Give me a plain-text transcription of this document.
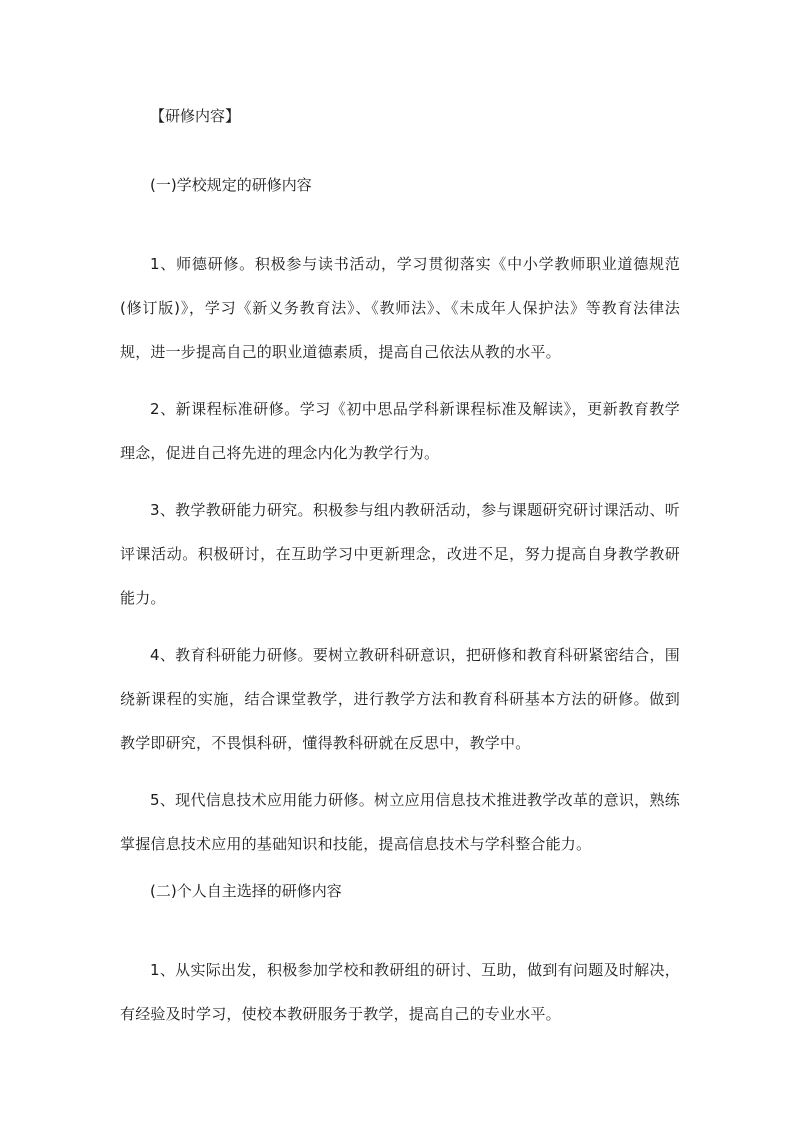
【研修内容】

(一)学校规定的研修内容

1、师德研修。积极参与读书活动，学习贯彻落实《中小学教师职业道德规范(修订版)》，学习《新义务教育法》、《教师法》、《未成年人保护法》等教育法律法规，进一步提高自己的职业道德素质，提高自己依法从教的水平。

2、新课程标准研修。学习《初中思品学科新课程标准及解读》，更新教育教学理念，促进自己将先进的理念内化为教学行为。

3、教学教研能力研究。积极参与组内教研活动，参与课题研究研讨课活动、听评课活动。积极研讨，在互助学习中更新理念，改进不足，努力提高自身教学教研能力。

4、教育科研能力研修。要树立教研科研意识，把研修和教育科研紧密结合，围绕新课程的实施，结合课堂教学，进行教学方法和教育科研基本方法的研修。做到教学即研究，不畏惧科研，懂得教科研就在反思中，教学中。

5、现代信息技术应用能力研修。树立应用信息技术推进教学改革的意识，熟练掌握信息技术应用的基础知识和技能，提高信息技术与学科整合能力。

(二)个人自主选择的研修内容

1、从实际出发，积极参加学校和教研组的研讨、互助，做到有问题及时解决，有经验及时学习，使校本教研服务于教学，提高自己的专业水平。
